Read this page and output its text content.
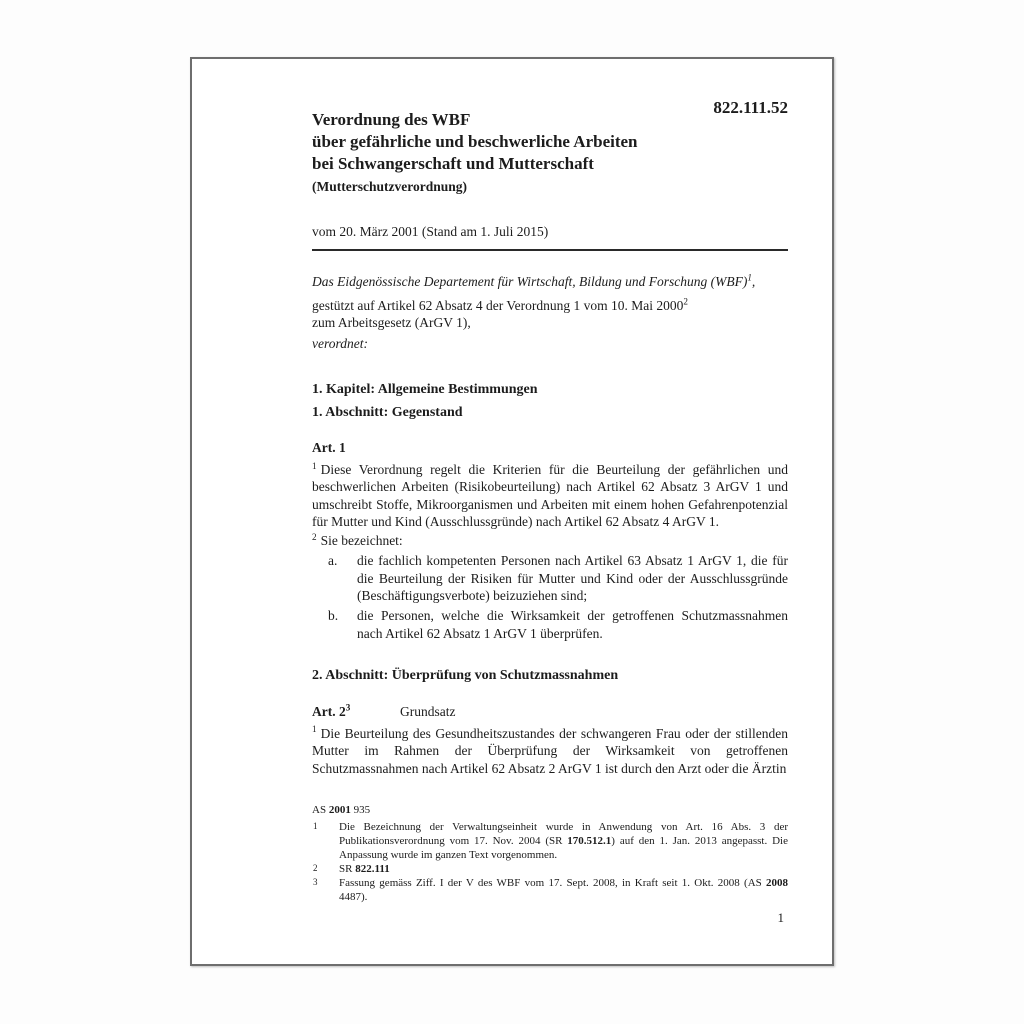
822.111.52
Verordnung des WBF
über gefährliche und beschwerliche Arbeiten
bei Schwangerschaft und Mutterschaft
(Mutterschutzverordnung)
vom 20. März 2001 (Stand am 1. Juli 2015)
Das Eidgenössische Departement für Wirtschaft, Bildung und Forschung (WBF)$^1$,
gestützt auf Artikel 62 Absatz 4 der Verordnung 1 vom 10. Mai 2000$^2$
zum Arbeitsgesetz (ArGV 1),
verordnet:
1. Kapitel: Allgemeine Bestimmungen
1. Abschnitt: Gegenstand
Art. 1
$^1$ Diese Verordnung regelt die Kriterien für die Beurteilung der gefährlichen und beschwerlichen Arbeiten (Risikobeurteilung) nach Artikel 62 Absatz 3 ArGV 1 und umschreibt Stoffe, Mikroorganismen und Arbeiten mit einem hohen Gefahrenpotenzial für Mutter und Kind (Ausschlussgründe) nach Artikel 62 Absatz 4 ArGV 1.
$^2$ Sie bezeichnet:
a. die fachlich kompetenten Personen nach Artikel 63 Absatz 1 ArGV 1, die für die Beurteilung der Risiken für Mutter und Kind oder der Ausschlussgründe (Beschäftigungsverbote) beizuziehen sind;
b. die Personen, welche die Wirksamkeit der getroffenen Schutzmassnahmen nach Artikel 62 Absatz 1 ArGV 1 überprüfen.
2. Abschnitt: Überprüfung von Schutzmassnahmen
Art. $2^3$	Grundsatz
$^1$ Die Beurteilung des Gesundheitszustandes der schwangeren Frau oder der stillenden Mutter im Rahmen der Überprüfung der Wirksamkeit von getroffenen Schutzmassnahmen nach Artikel 62 Absatz 2 ArGV 1 ist durch den Arzt oder die Ärztin
AS 2001 935
1 Die Bezeichnung der Verwaltungseinheit wurde in Anwendung von Art. 16 Abs. 3 der Publikationsverordnung vom 17. Nov. 2004 (SR 170.512.1) auf den 1. Jan. 2013 angepasst. Die Anpassung wurde im ganzen Text vorgenommen.
2 SR 822.111
3 Fassung gemäss Ziff. I der V des WBF vom 17. Sept. 2008, in Kraft seit 1. Okt. 2008 (AS 2008 4487).
1
